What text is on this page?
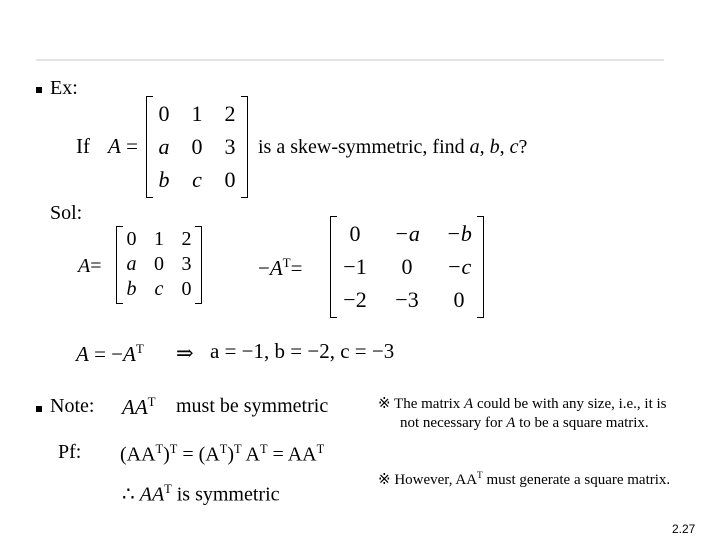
Ex:
If A =
0	1	2
a	0	3
b	c	0
is a skew-symmetric, find a, b, c?
Sol:
A=
0 1 2
a 0 3
b c 0
$-A^T=$
0	−a	−b
−1	0	−c
−2	−3	0
$A = -A^T$ ⇒ a = −1, b = −2, c = −3
Note: $AA^T$ must be symmetric
Pf: $(AA^T)^T = (A^T)^T$ $A^T = AA^T$
∴ $AA^T$ is symmetric
※ The matrix A could be with any size, i.e., it is not necessary for A to be a square matrix.
※ However, $AA^T$ must generate a square matrix.
2.27
